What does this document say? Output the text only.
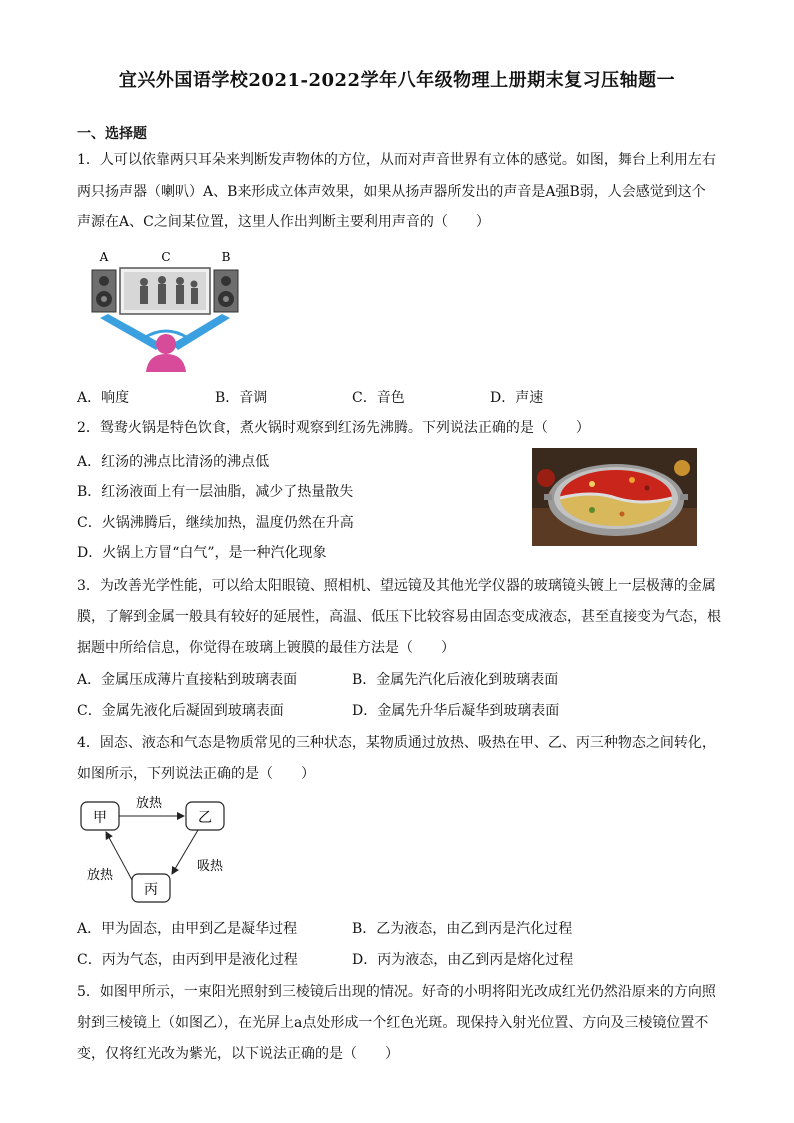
宜兴外国语学校2021-2022学年八年级物理上册期末复习压轴题一
一、选择题
1．人可以依靠两只耳朵来判断发声物体的方位，从而对声音世界有立体的感觉。如图，舞台上利用左右
两只扬声器（喇叭）A、B来形成立体声效果，如果从扬声器所发出的声音是A强B弱，人会感觉到这个
声源在A、C之间某位置，这里人作出判断主要利用声音的（　　）
A	C	B
A．响度	B．音调	C．音色	D．声速
2．鸳鸯火锅是特色饮食，煮火锅时观察到红汤先沸腾。下列说法正确的是（　　）
A．红汤的沸点比清汤的沸点低
B．红汤液面上有一层油脂，减少了热量散失
C．火锅沸腾后，继续加热，温度仍然在升高
D．火锅上方冒“白气”，是一种汽化现象
3．为改善光学性能，可以给太阳眼镜、照相机、望远镜及其他光学仪器的玻璃镜头镀上一层极薄的金属
膜，了解到金属一般具有较好的延展性，高温、低压下比较容易由固态变成液态，甚至直接变为气态，根
据题中所给信息，你觉得在玻璃上镀膜的最佳方法是（　　）
A．金属压成薄片直接粘到玻璃表面	B．金属先汽化后液化到玻璃表面
C．金属先液化后凝固到玻璃表面	D．金属先升华后凝华到玻璃表面
4．固态、液态和气态是物质常见的三种状态，某物质通过放热、吸热在甲、乙、丙三种物态之间转化，
如图所示，下列说法正确的是（　　）
甲	乙
丙
放热
吸热
放热
A．甲为固态，由甲到乙是凝华过程	B．乙为液态，由乙到丙是汽化过程
C．丙为气态，由丙到甲是液化过程	D．丙为液态，由乙到丙是熔化过程
5．如图甲所示，一束阳光照射到三棱镜后出现的情况。好奇的小明将阳光改成红光仍然沿原来的方向照
射到三棱镜上（如图乙），在光屏上a点处形成一个红色光斑。现保持入射光位置、方向及三棱镜位置不
变，仅将红光改为紫光，以下说法正确的是（　　）
